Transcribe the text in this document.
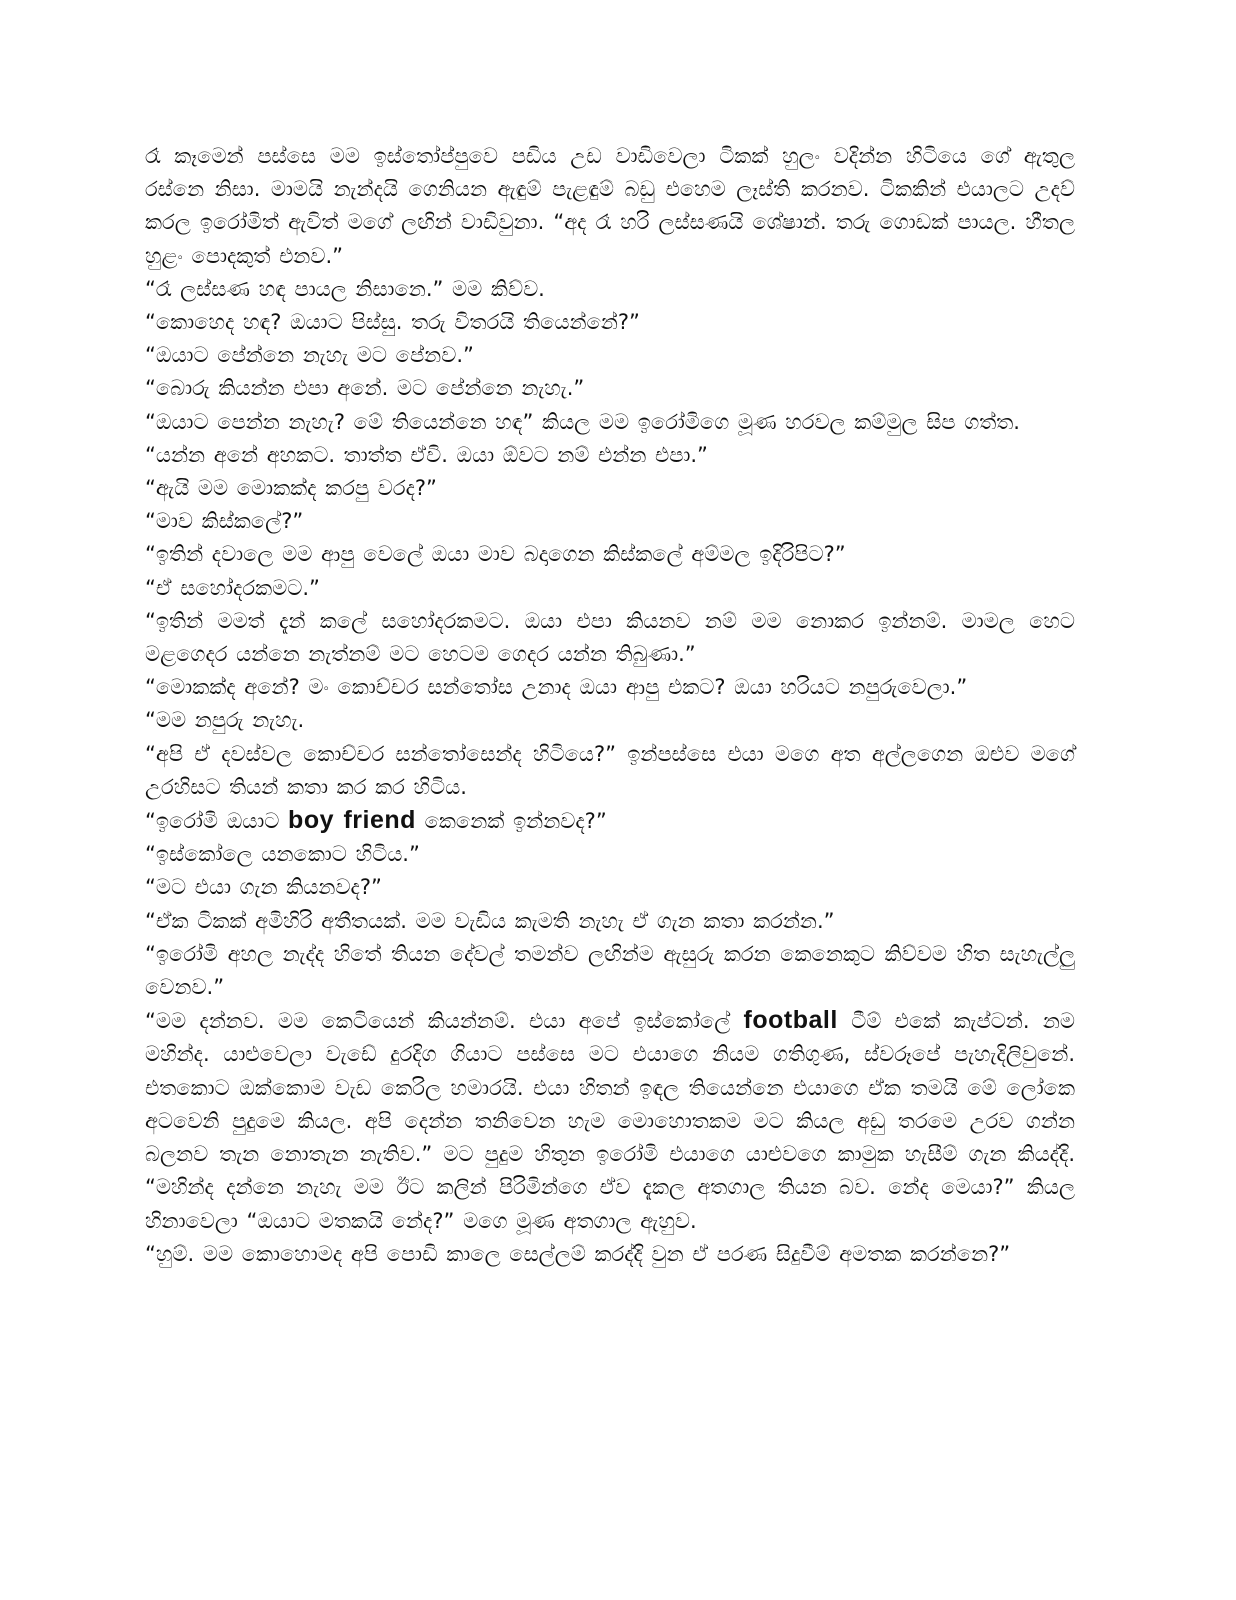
රෑ කෑමෙන් පස්සෙ මම ඉස්තෝප්පුවෙ පඩිය උඩ වාඩිවෙලා ටිකක් හුලං වදින්න හිටියෙ ගේ ඇතුල රස්නෙ නිසා. මාමයි නැන්දයි ගෙනියන ඇඳුම් පැළඳුම් බඩු එහෙම ලෑස්ති කරනව. ටිකකින් එයාලට උදව් කරල ඉරෝමිත් ඇවිත් මගේ ලඟින් වාඩිවුනා. “අද රෑ හරි ලස්සණයි ශේෂාන්. තරු ගොඩක් පායල. හීතල හුළං පොදකුත් එනව.”

“රෑ ලස්සණ හඳ පායල නිසානෙ.” මම කිව්ව.

“කොහෙද හඳ? ඔයාට පිස්සු. තරු විතරයි තියෙන්නේ?”

“ඔයාට පේන්නෙ නැහැ මට පේනව.”

“බොරු කියන්න එපා අනේ. මට පේන්නෙ නැහැ.”

“ඔයාට පෙන්න නැහැ? මේ තියෙන්නෙ හඳ” කියල මම ඉරෝමිගෙ මූණ හරවල කම්මුල සිප ගත්ත.

“යන්න අනේ අහකට. තාත්ත ඒවි. ඔයා ඕවට නම් එන්න එපා.”

“ඇයි මම මොකක්ද කරපු වරද?”

“මාව කිස්කලේ?”

“ඉතින් දවාලෙ මම ආපු වෙලේ ඔයා මාව බදාගෙන කිස්කලේ අම්මල ඉදිරිපිට?”

“ඒ සහෝදරකමට.”

“ඉතින් මමත් දැන් කලේ සහෝදරකමට. ඔයා එපා කියනව නම් මම නොකර ඉන්නම්. මාමල හෙට මළගෙදර යන්නෙ නැත්නම් මට හෙටම ගෙදර යන්න තිබුණා.”

“මොකක්ද අනේ? මං කොච්චර සන්තෝස උනාද ඔයා ආපු එකට? ඔයා හරියට නපුරුවෙලා.”

“මම නපුරු නැහැ.

“අපි ඒ දවස්වල කොච්චර සන්තෝසෙන්ද හිටියෙ?” ඉන්පස්සෙ එයා මගෙ අත අල්ලගෙන ඔළුව මගේ උරහිසට තියන් කතා කර කර හිටිය.

“ඉරෝමි ඔයාට boy friend කෙනෙක් ඉන්නවද?”

“ඉස්කෝලෙ යනකොට හිටිය.”

“මට එයා ගැන කියනවද?”

“ඒක ටිකක් අමිහිරි අතීතයක්. මම වැඩිය කැමති නැහැ ඒ ගැන කතා කරන්න.”

“ඉරෝමි අහල නැද්ද හිතේ තියන දේවල් තමන්ව ලඟින්ම ඇසුරු කරන කෙනෙකුට කිව්වම හිත සැහැල්ලු වෙනව.”

“මම දන්නව. මම කෙටියෙන් කියන්නම්. එයා අපේ ඉස්කෝලේ football ටීම් එකේ කැප්ටන්. නම මහින්ද. යාළුවෙලා වැඩේ දුරදිග ගියාට පස්සෙ මට එයාගෙ නියම ගතිගුණ, ස්වරූපේ පැහැදිලිවුනේ. එතකොට ඔක්කොම වැඩ කෙරිල හමාරයි. එයා හිතන් ඉඳල තියෙන්නෙ එයාගෙ ඒක තමයි මේ ලෝකෙ අටවෙනි පුදුමෙ කියල. අපි දෙන්න තනිවෙන හැම මොහොතකම මට කියල අඩු තරමෙ උරව ගන්න බලනව තැන නොතැන නැතිව.” මට පුදුම හිතුන ඉරෝමි එයාගෙ යාළුවගෙ කාමුක හැසීම් ගැන කියද්දි. “මහින්ද දන්නෙ නැහැ මම ඊට කලින් පිරිමින්ගෙ ඒව දැකල අතගාල තියන බව. නේද මෙයා?” කියල හිනාවෙලා “ඔයාට මතකයි නේද?” මගෙ මූණ අතගාල ඇහුව.

“හුම්. මම කොහොමද අපි පොඩි කාලෙ සෙල්ලම් කරද්දි වුන ඒ පරණ සිදුවීම් අමතක කරන්නෙ?”
